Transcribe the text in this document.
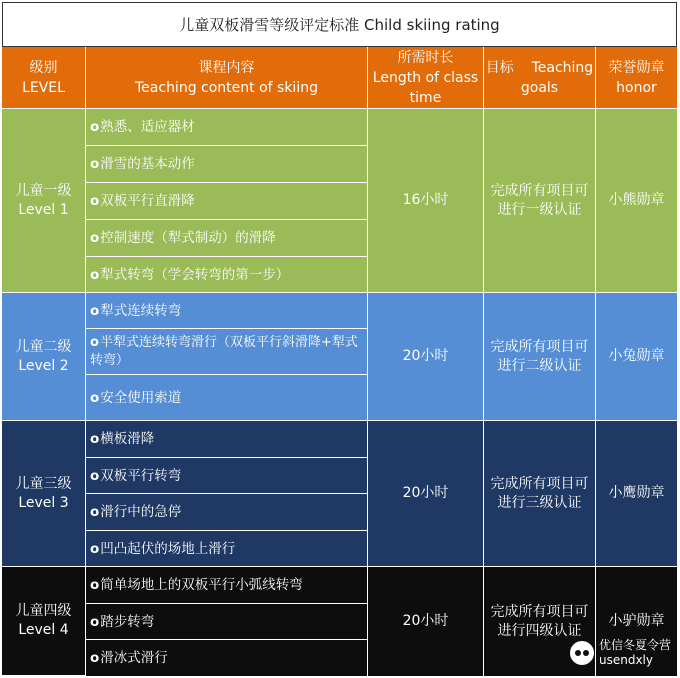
儿童双板滑雪等级评定标准 Child skiing rating
级别
LEVEL
课程内容
Teaching content of skiing
所需时长
Length of class
time
目标    Teaching
goals
荣誉勋章
honor
儿童一级
Level 1
o 熟悉、适应器材
o 滑雪的基本动作
o 双板平行直滑降
o 控制速度（犁式制动）的滑降
o 犁式转弯（学会转弯的第一步）
16小时
完成所有项目可
进行一级认证
小熊勋章
儿童二级
Level 2
o 犁式连续转弯
o半犁式连续转弯滑行（双板平行斜滑降+犁式转弯）
o 安全使用索道
20小时
完成所有项目可
进行二级认证
小兔勋章
儿童三级
Level 3
o 横板滑降
o 双板平行转弯
o 滑行中的急停
o 凹凸起伏的场地上滑行
20小时
完成所有项目可
进行三级认证
小鹰勋章
儿童四级
Level 4
o 简单场地上的双板平行小弧线转弯
o 踏步转弯
o 滑冰式滑行
20小时
完成所有项目可
进行四级认证
小驴勋章
优信冬夏令营
usendxly
